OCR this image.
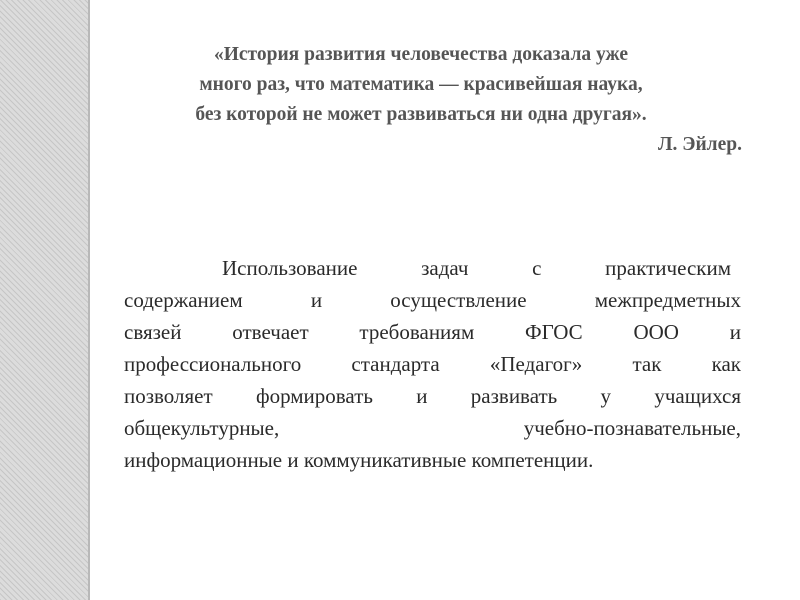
«История развития человечества доказала уже
много раз, что математика — красивейшая наука,
без которой не может развиваться ни одна другая».
Л. Эйлер.
Использование задач с практическим
содержанием и осуществление межпредметных
связей отвечает требованиям ФГОС ООО и
профессионального стандарта «Педагог» так как
позволяет формировать и развивать у учащихся
общекультурные, учебно-познавательные,
информационные и коммуникативные компетенции.
